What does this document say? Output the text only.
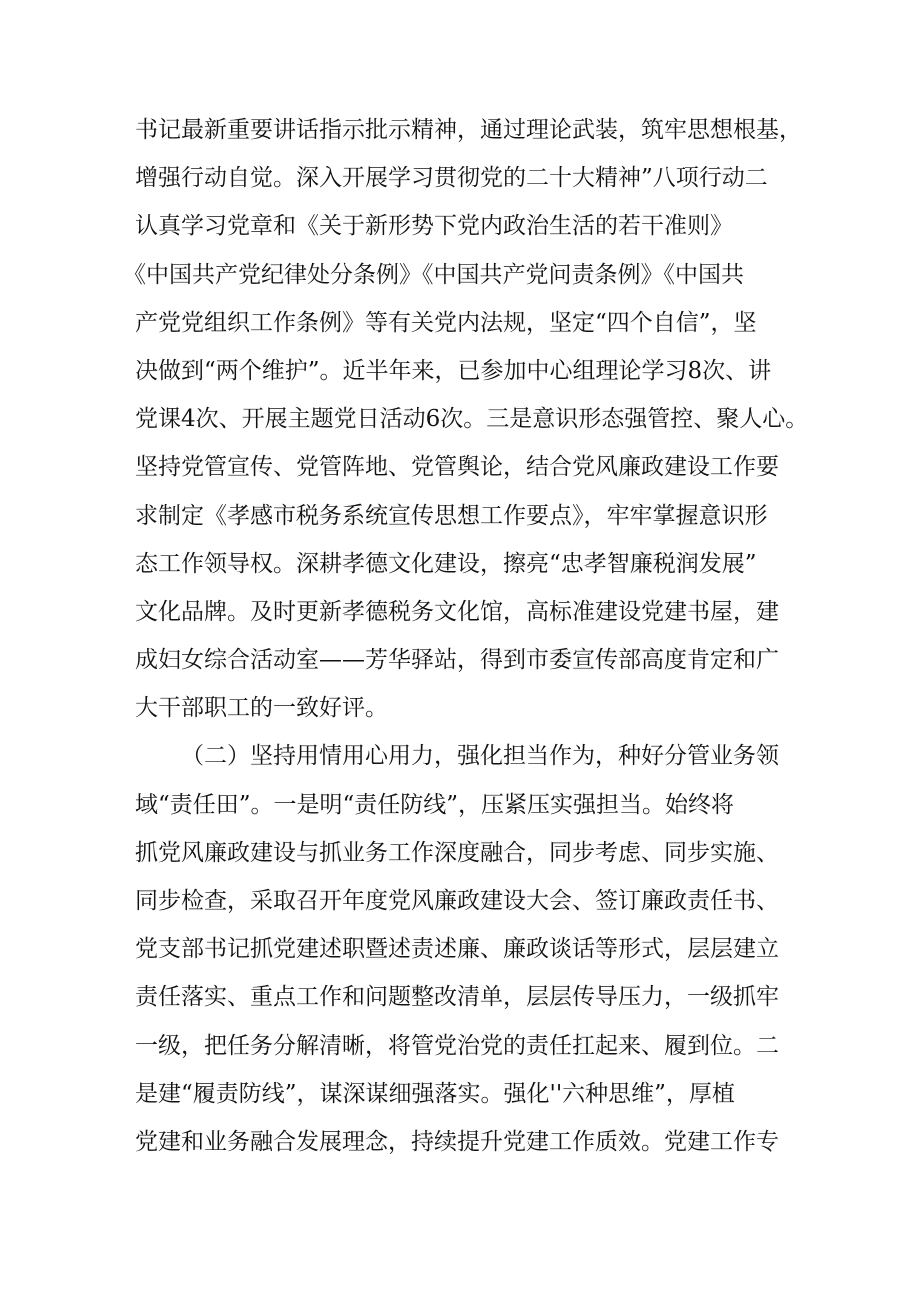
书记最新重要讲话指示批示精神，通过理论武装，筑牢思想根基，
增强行动自觉。深入开展学习贯彻党的二十大精神”八项行动二
认真学习党章和《关于新形势下党内政治生活的若干准则》
《中国共产党纪律处分条例》《中国共产党问责条例》《中国共
产党党组织工作条例》等有关党内法规，坚定“四个自信”，坚
决做到“两个维护”。近半年来，已参加中心组理论学习8次、讲
党课4次、开展主题党日活动6次。三是意识形态强管控、聚人心。
坚持党管宣传、党管阵地、党管舆论，结合党风廉政建设工作要
求制定《孝感市税务系统宣传思想工作要点》，牢牢掌握意识形
态工作领导权。深耕孝德文化建设，擦亮“忠孝智廉税润发展”
文化品牌。及时更新孝德税务文化馆，高标准建设党建书屋，建
成妇女综合活动室——芳华驿站，得到市委宣传部高度肯定和广
大干部职工的一致好评。
（二）坚持用情用心用力，强化担当作为，种好分管业务领
域“责任田”。一是明“责任防线”，压紧压实强担当。始终将
抓党风廉政建设与抓业务工作深度融合，同步考虑、同步实施、
同步检查，采取召开年度党风廉政建设大会、签订廉政责任书、
党支部书记抓党建述职暨述责述廉、廉政谈话等形式，层层建立
责任落实、重点工作和问题整改清单，层层传导压力，一级抓牢
一级，把任务分解清晰，将管党治党的责任扛起来、履到位。二
是建“履责防线”，谋深谋细强落实。强化''六种思维”，厚植
党建和业务融合发展理念，持续提升党建工作质效。党建工作专
